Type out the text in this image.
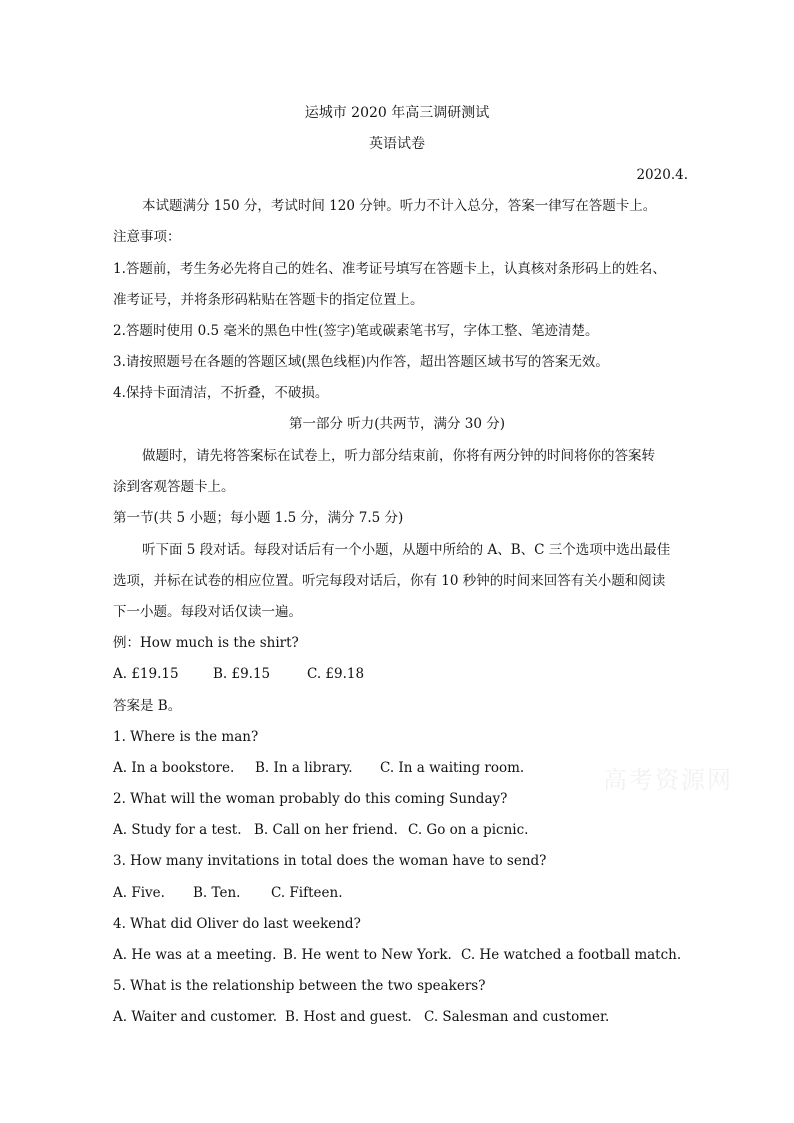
运城市 2020 年高三调研测试
英语试卷
2020.4.
本试题满分 150 分，考试时间 120 分钟。听力不计入总分，答案一律写在答题卡上。
注意事项：
1.答题前，考生务必先将自己的姓名、准考证号填写在答题卡上，认真核对条形码上的姓名、
准考证号，并将条形码粘贴在答题卡的指定位置上。
2.答题时使用 0.5 毫米的黑色中性(签字)笔或碳素笔书写，字体工整、笔迹清楚。
3.请按照题号在各题的答题区域(黑色线框)内作答，超出答题区域书写的答案无效。
4.保持卡面清洁，不折叠，不破损。
第一部分 听力(共两节，满分 30 分)
做题时，请先将答案标在试卷上，听力部分结束前，你将有两分钟的时间将你的答案转
涂到客观答题卡上。
第一节(共 5 小题；每小题 1.5 分，满分 7.5 分)
听下面 5 段对话。每段对话后有一个小题，从题中所给的 A、B、C 三个选项中选出最佳
选项，并标在试卷的相应位置。听完每段对话后，你有 10 秒钟的时间来回答有关小题和阅读
下一小题。每段对话仅读一遍。
例：How much is the shirt?
A. £19.15	B. £9.15	C. £9.18
答案是 B。
1. Where is the man?
A. In a bookstore. B. In a library. C. In a waiting room.
2. What will the woman probably do this coming Sunday?
A. Study for a test. B. Call on her friend. C. Go on a picnic.
3. How many invitations in total does the woman have to send?
A. Five. B. Ten. C. Fifteen.
4. What did Oliver do last weekend?
A. He was at a meeting. B. He went to New York. C. He watched a football match.
5. What is the relationship between the two speakers?
A. Waiter and customer. B. Host and guest. C. Salesman and customer.
高考资源网
